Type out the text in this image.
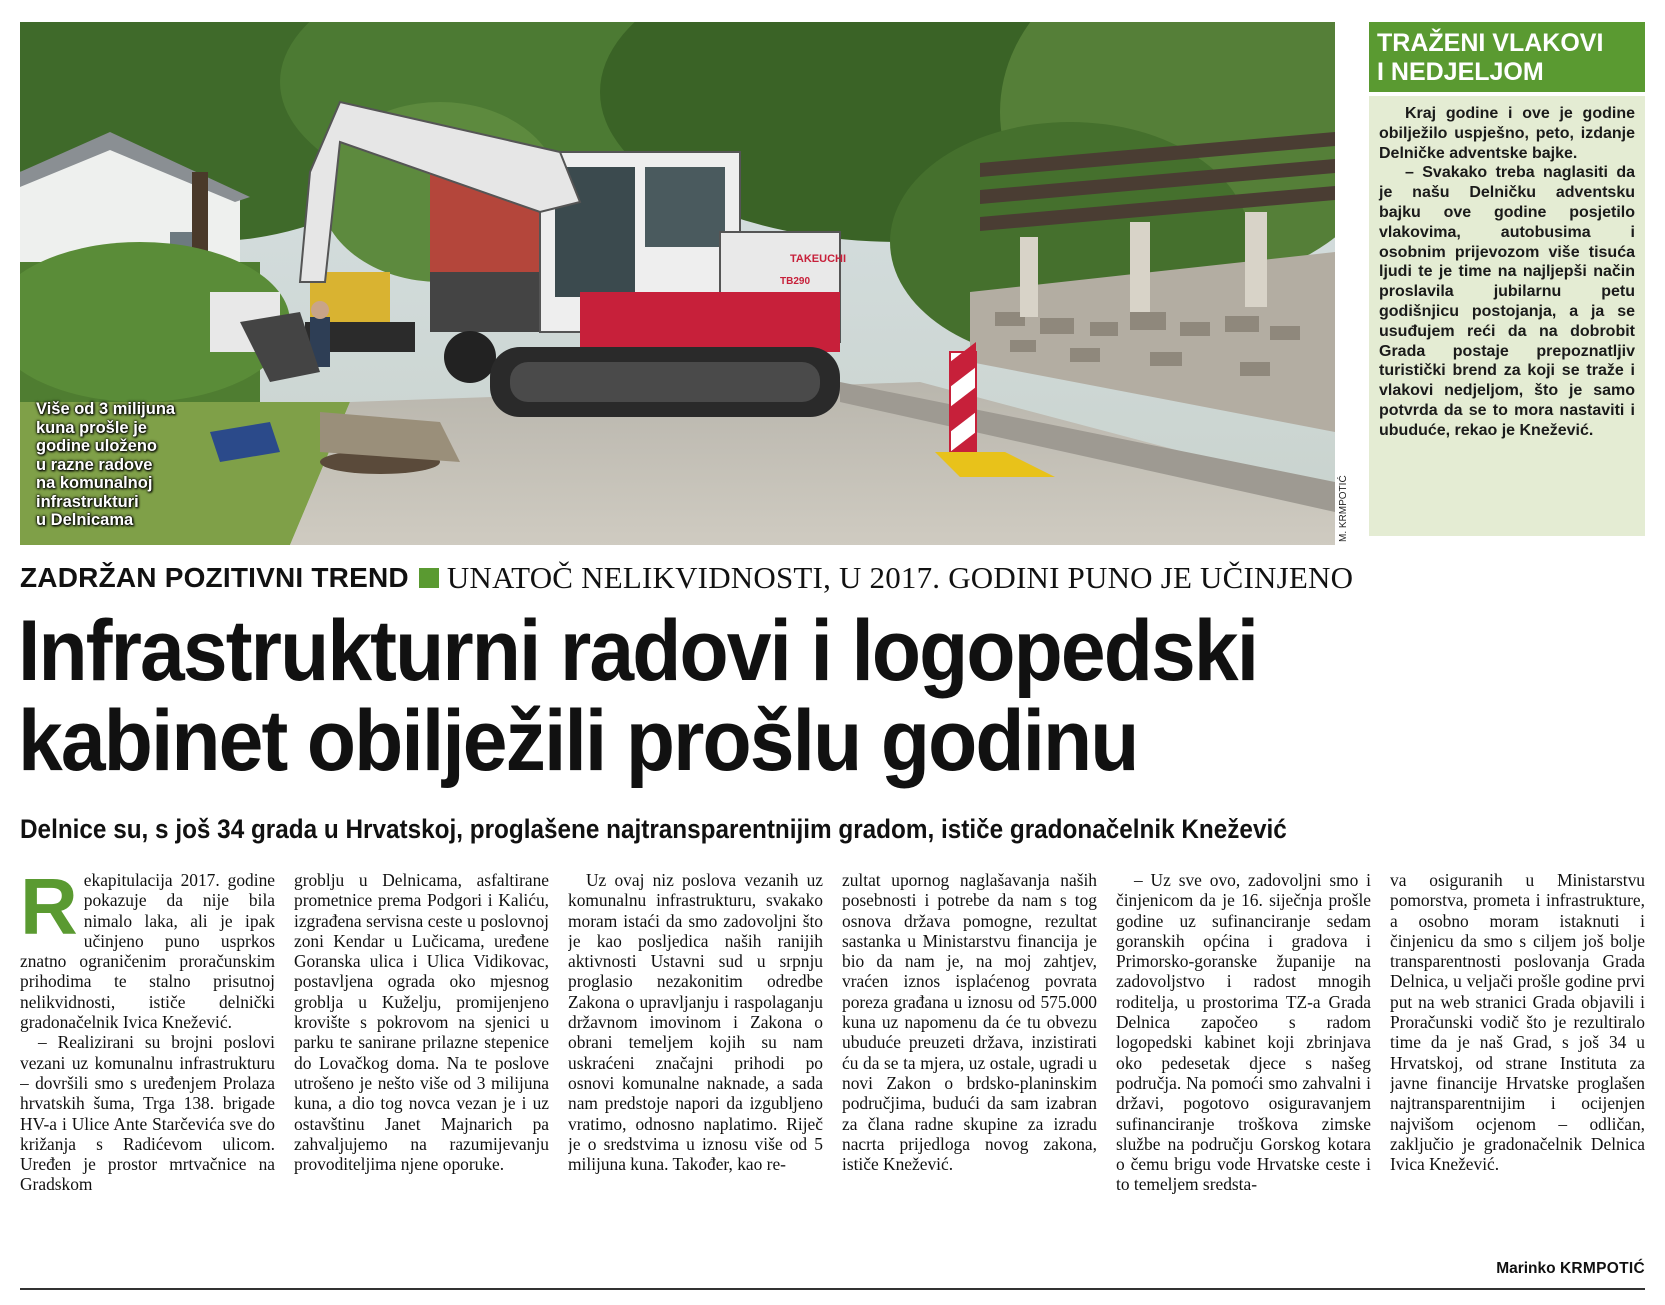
TAKEUCHI
TB290
Više od 3 milijuna
kuna prošle je
godine uloženo
u razne radove
na komunalnoj
infrastrukturi
u Delnicama	M. KRMPOTIĆ
TRAŽENI VLAKOVI
I NEDJELJOM

Kraj godine i ove je godine obilježilo uspješno, peto, izdanje Delničke adventske bajke.

– Svakako treba naglasiti da je našu Delničku adventsku bajku ove godine posjetilo vlakovima, autobusima i osobnim prijevozom više tisuća ljudi te je time na najljepši način proslavila jubilarnu petu godišnjicu postojanja, a ja se usuđujem reći da na dobrobit Grada postaje prepoznatljiv turistički brend za koji se traže i vlakovi nedjeljom, što je samo potvrda da se to mora nastaviti i ubuduće, rekao je Knežević.

ZADRŽAN POZITIVNI TREND UNATOČ NELIKVIDNOSTI, U 2017. GODINI PUNO JE UČINJENO
Infrastrukturni radovi i logopedski
kabinet obilježili prošlu godinu
Delnice su, s još 34 grada u Hrvatskoj, proglašene najtransparentnijim gradom, ističe gradonačelnik Knežević

Rekapitulacija 2017. godine pokazuje da nije bila nimalo laka, ali je ipak učinjeno puno usprkos znatno ograničenim proračunskim prihodima te stalno prisutnoj nelikvidnosti, ističe delnički gradonačelnik Ivica Knežević.

– Realizirani su brojni poslovi vezani uz komunalnu infrastrukturu – dovršili smo s uređenjem Prolaza hrvatskih šuma, Trga 138. brigade HV-a i Ulice Ante Starčevića sve do križanja s Radićevom ulicom. Uređen je prostor mrtvačnice na Gradskom

groblju u Delnicama, asfaltirane prometnice prema Podgori i Kaliću, izgrađena servisna ceste u poslovnoj zoni Kendar u Lučicama, uređene Goranska ulica i Ulica Vidikovac, postavljena ograda oko mjesnog groblja u Kuželju, promijenjeno krovište s pokrovom na sjenici u parku te sanirane prilazne stepenice do Lovačkog doma. Na te poslove utrošeno je nešto više od 3 milijuna kuna, a dio tog novca vezan je i uz ostavštinu Janet Majnarich pa zahvaljujemo na razumijevanju provoditeljima njene oporuke.

Uz ovaj niz poslova vezanih uz komunalnu infrastrukturu, svakako moram istaći da smo zadovoljni što je kao posljedica naših ranijih aktivnosti Ustavni sud u srpnju proglasio nezakonitim odredbe Zakona o upravljanju i raspolaganju državnom imovinom i Zakona o obrani temeljem kojih su nam uskraćeni značajni prihodi po osnovi komunalne naknade, a sada nam predstoje napori da izgubljeno vratimo, odnosno naplatimo. Riječ je o sredstvima u iznosu više od 5 milijuna kuna. Također, kao re-

zultat upornog naglašavanja naših posebnosti i potrebe da nam s tog osnova država pomogne, rezultat sastanka u Ministarstvu financija je bio da nam je, na moj zahtjev, vraćen iznos isplaćenog povrata poreza građana u iznosu od 575.000 kuna uz napomenu da će tu obvezu ubuduće preuzeti država, inzistirati ću da se ta mjera, uz ostale, ugradi u novi Zakon o brdsko-planinskim područjima, budući da sam izabran za člana radne skupine za izradu nacrta prijedloga novog zakona, ističe Knežević.

– Uz sve ovo, zadovoljni smo i činjenicom da je 16. siječnja prošle godine uz sufinanciranje sedam goranskih općina i gradova i Primorsko-goranske županije na zadovoljstvo i radost mnogih roditelja, u prostorima TZ-a Grada Delnica započeo s radom logopedski kabinet koji zbrinjava oko pedesetak djece s našeg područja. Na pomoći smo zahvalni i državi, pogotovo osiguravanjem sufinanciranje troškova zimske službe na području Gorskog kotara o čemu brigu vode Hrvatske ceste i to temeljem sredsta-

va osiguranih u Ministarstvu pomorstva, prometa i infrastrukture, a osobno moram istaknuti i činjenicu da smo s ciljem još bolje transparentnosti poslovanja Grada Delnica, u veljači prošle godine prvi put na web stranici Grada objavili i Proračunski vodič što je rezultiralo time da je naš Grad, s još 34 u Hrvatskoj, od strane Instituta za javne financije Hrvatske proglašen najtransparentnijim i ocijenjen najvišom ocjenom – odličan, zaključio je gradonačelnik Delnica Ivica Knežević.

Marinko KRMPOTIĆ
